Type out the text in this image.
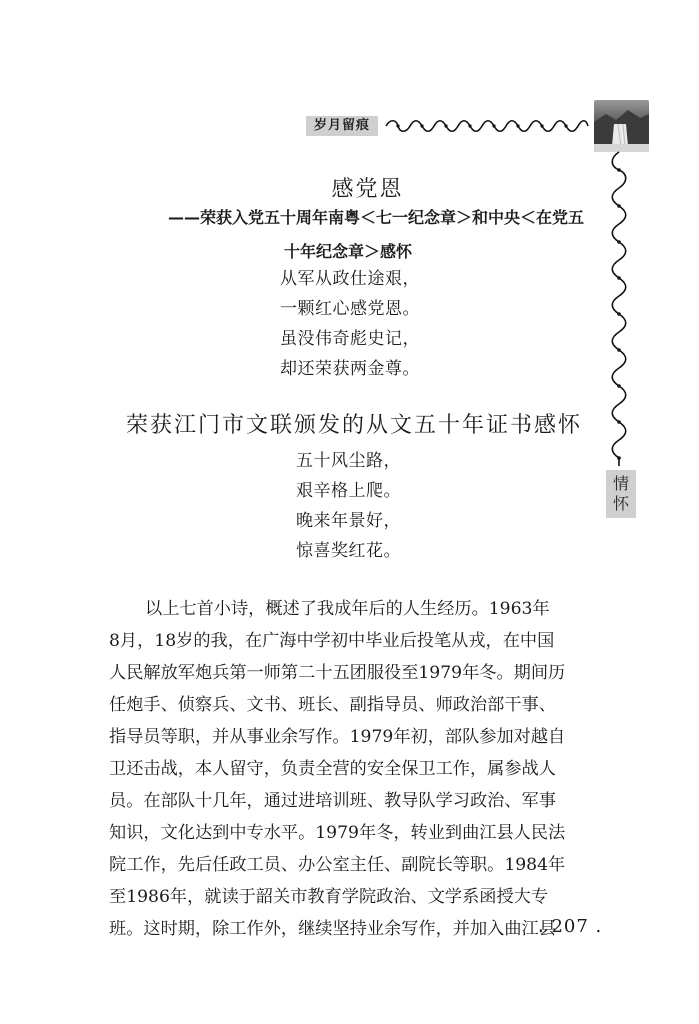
岁月留痕
情
怀
感党恩
——荣获入党五十周年南粤＜七一纪念章＞和中央＜在党五
十年纪念章＞感怀
从军从政仕途艰，
一颗红心感党恩。
虽没伟奇彪史记，
却还荣获两金尊。
荣获江门市文联颁发的从文五十年证书感怀
五十风尘路，
艰辛格上爬。
晚来年景好，
惊喜奖红花。
以上七首小诗，概述了我成年后的人生经历。1963年
8月，18岁的我，在广海中学初中毕业后投笔从戎，在中国
人民解放军炮兵第一师第二十五团服役至1979年冬。期间历
任炮手、侦察兵、文书、班长、副指导员、师政治部干事、
指导员等职，并从事业余写作。1979年初，部队参加对越自
卫还击战，本人留守，负责全营的安全保卫工作，属参战人
员。在部队十几年，通过进培训班、教导队学习政治、军事
知识，文化达到中专水平。1979年冬，转业到曲江县人民法
院工作，先后任政工员、办公室主任、副院长等职。1984年
至1986年，就读于韶关市教育学院政治、文学系函授大专
班。这时期，除工作外，继续坚持业余写作，并加入曲江县
. 207 .
